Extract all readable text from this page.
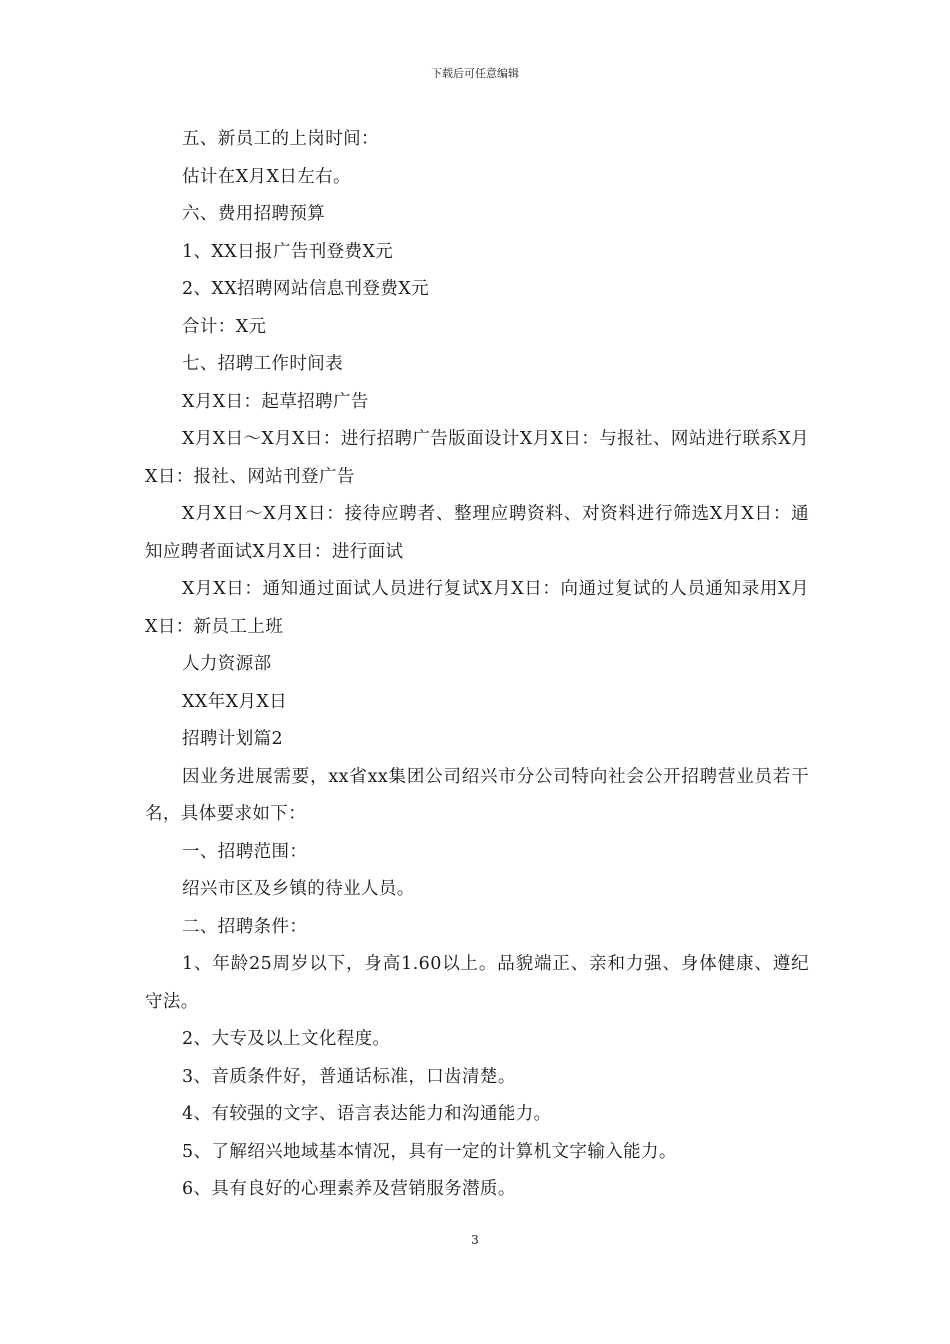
下载后可任意编辑

五、新员工的上岗时间：

估计在X月X日左右。

六、费用招聘预算

1、XX日报广告刊登费X元

2、XX招聘网站信息刊登费X元

合计：X元

七、招聘工作时间表

X月X日：起草招聘广告

X月X日～X月X日：进行招聘广告版面设计X月X日：与报社、网站进行联系X月X日：报社、网站刊登广告

X月X日～X月X日：接待应聘者、整理应聘资料、对资料进行筛选X月X日：通知应聘者面试X月X日：进行面试

X月X日：通知通过面试人员进行复试X月X日：向通过复试的人员通知录用X月X日：新员工上班

人力资源部

XX年X月X日

招聘计划篇2

因业务进展需要，xx省xx集团公司绍兴市分公司特向社会公开招聘营业员若干名，具体要求如下：

一、招聘范围：

绍兴市区及乡镇的待业人员。

二、招聘条件：

1、年龄25周岁以下，身高1.60以上。品貌端正、亲和力强、身体健康、遵纪守法。

2、大专及以上文化程度。

3、音质条件好，普通话标准，口齿清楚。

4、有较强的文字、语言表达能力和沟通能力。

5、了解绍兴地域基本情况，具有一定的计算机文字输入能力。

6、具有良好的心理素养及营销服务潜质。

3
